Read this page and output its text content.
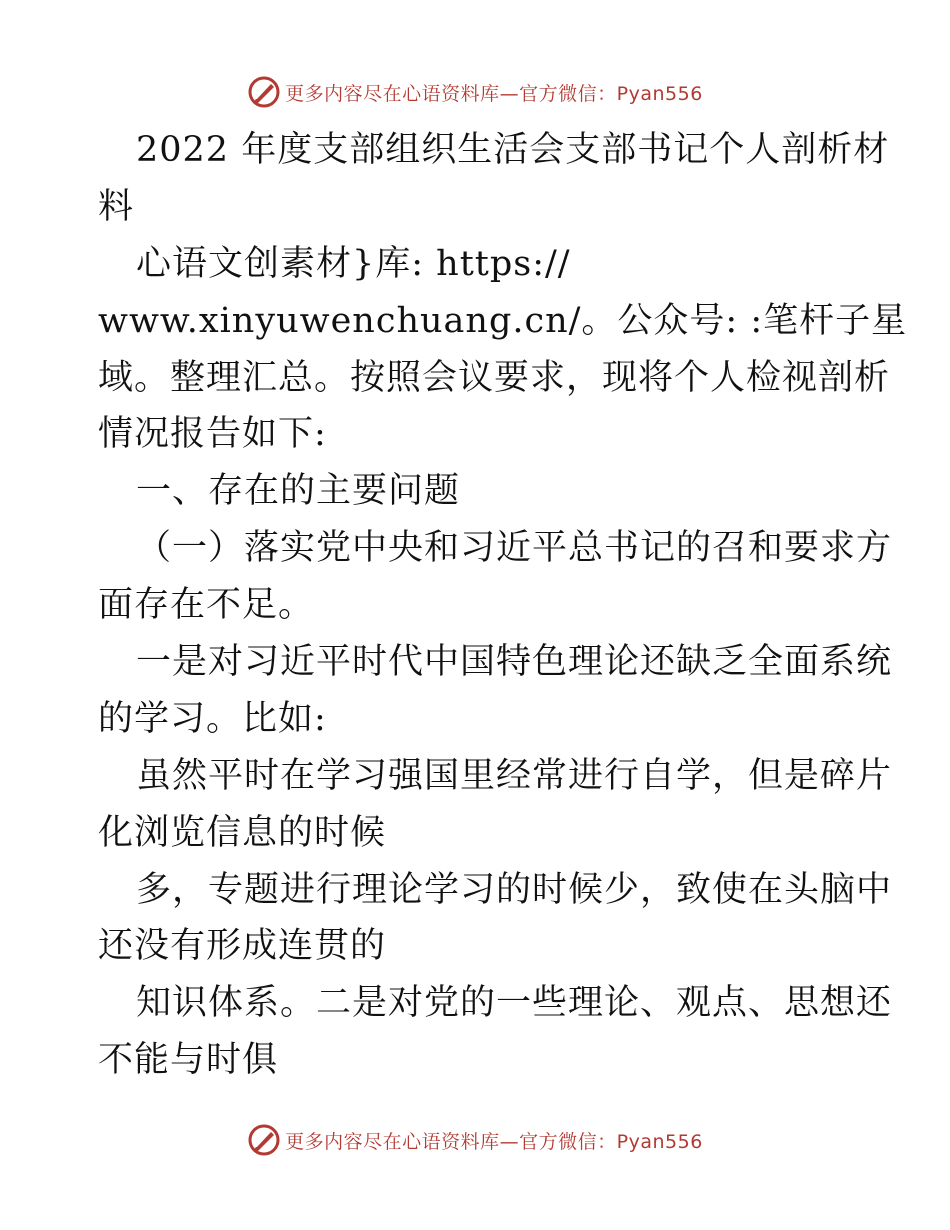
更多内容尽在心语资料库—官方微信：Pyan556
2022 年度支部组织生活会支部书记个人剖析材
料
心语文创素材}库: https://
www.xinyuwenchuang.cn/。公众号: :笔杆子星
域。整理汇总。按照会议要求，现将个人检视剖析
情况报告如下:
一、存在的主要问题
（一）落实党中央和习近平总书记的召和要求方
面存在不足。
一是对习近平时代中国特色理论还缺乏全面系统
的学习。比如:
虽然平时在学习强国里经常进行自学，但是碎片
化浏览信息的时候
多，专题进行理论学习的时候少，致使在头脑中
还没有形成连贯的
知识体系。二是对党的一些理论、观点、思想还
不能与时俱
更多内容尽在心语资料库—官方微信：Pyan556
